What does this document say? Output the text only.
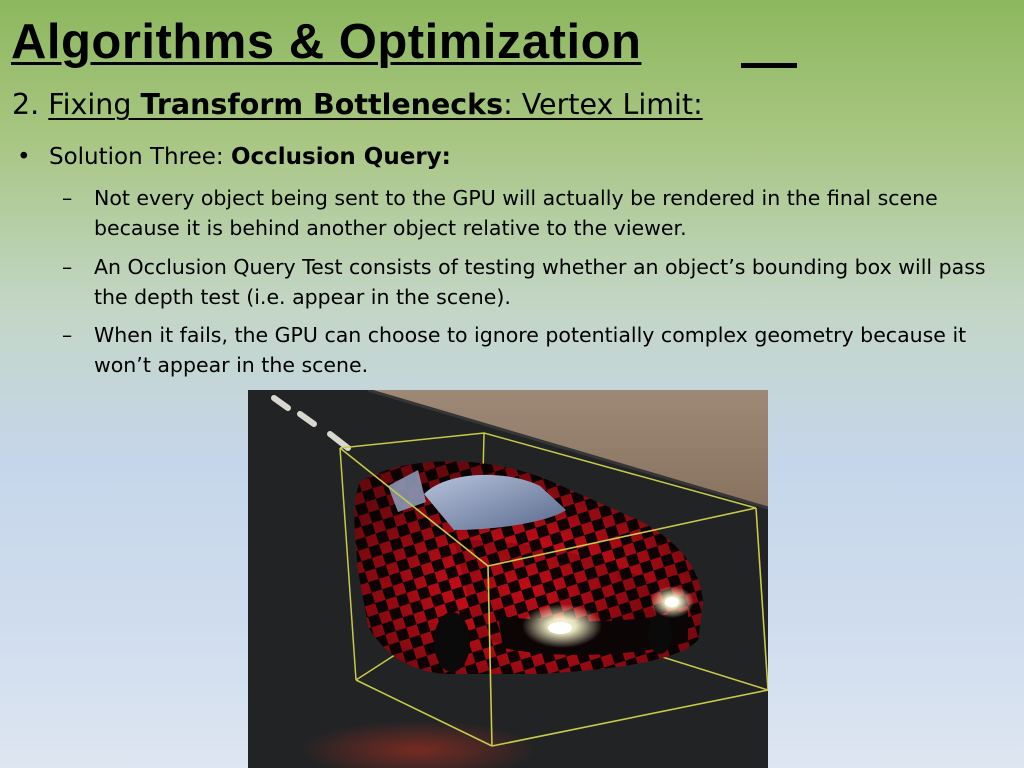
Algorithms & Optimization
2. Fixing Transform Bottlenecks: Vertex Limit:
• Solution Three: Occlusion Query:
–	Not every object being sent to the GPU will actually be rendered in the final scene because it is behind another object relative to the viewer.
–	An Occlusion Query Test consists of testing whether an object’s bounding box will pass the depth test (i.e. appear in the scene).
–	When it fails, the GPU can choose to ignore potentially complex geometry because it won’t appear in the scene.
